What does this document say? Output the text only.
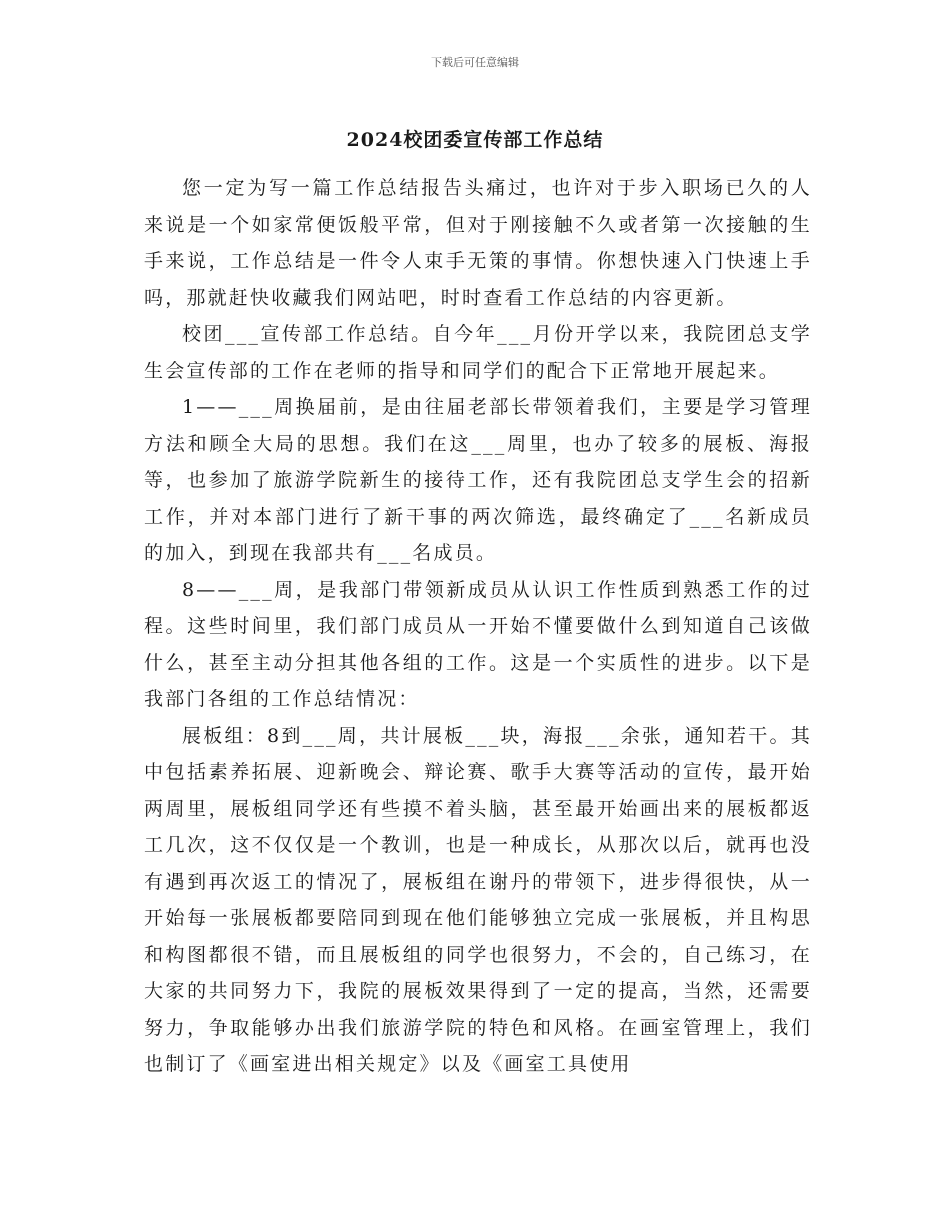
下载后可任意编辑
2024校团委宣传部工作总结

您一定为写一篇工作总结报告头痛过，也许对于步入职场已久的人来说是一个如家常便饭般平常，但对于刚接触不久或者第一次接触的生手来说，工作总结是一件令人束手无策的事情。你想快速入门快速上手吗，那就赶快收藏我们网站吧，时时查看工作总结的内容更新。

校团___宣传部工作总结。自今年___月份开学以来，我院团总支学生会宣传部的工作在老师的指导和同学们的配合下正常地开展起来。

1——___周换届前，是由往届老部长带领着我们，主要是学习管理方法和顾全大局的思想。我们在这___周里，也办了较多的展板、海报等，也参加了旅游学院新生的接待工作，还有我院团总支学生会的招新工作，并对本部门进行了新干事的两次筛选，最终确定了___名新成员的加入，到现在我部共有___名成员。

8——___周，是我部门带领新成员从认识工作性质到熟悉工作的过程。这些时间里，我们部门成员从一开始不懂要做什么到知道自己该做什么，甚至主动分担其他各组的工作。这是一个实质性的进步。以下是我部门各组的工作总结情况：

展板组：8到___周，共计展板___块，海报___余张，通知若干。其中包括素养拓展、迎新晚会、辩论赛、歌手大赛等活动的宣传，最开始两周里，展板组同学还有些摸不着头脑，甚至最开始画出来的展板都返工几次，这不仅仅是一个教训，也是一种成长，从那次以后，就再也没有遇到再次返工的情况了，展板组在谢丹的带领下，进步得很快，从一开始每一张展板都要陪同到现在他们能够独立完成一张展板，并且构思和构图都很不错，而且展板组的同学也很努力，不会的，自己练习，在大家的共同努力下，我院的展板效果得到了一定的提高，当然，还需要努力，争取能够办出我们旅游学院的特色和风格。在画室管理上，我们也制订了《画室进出相关规定》以及《画室工具使用
